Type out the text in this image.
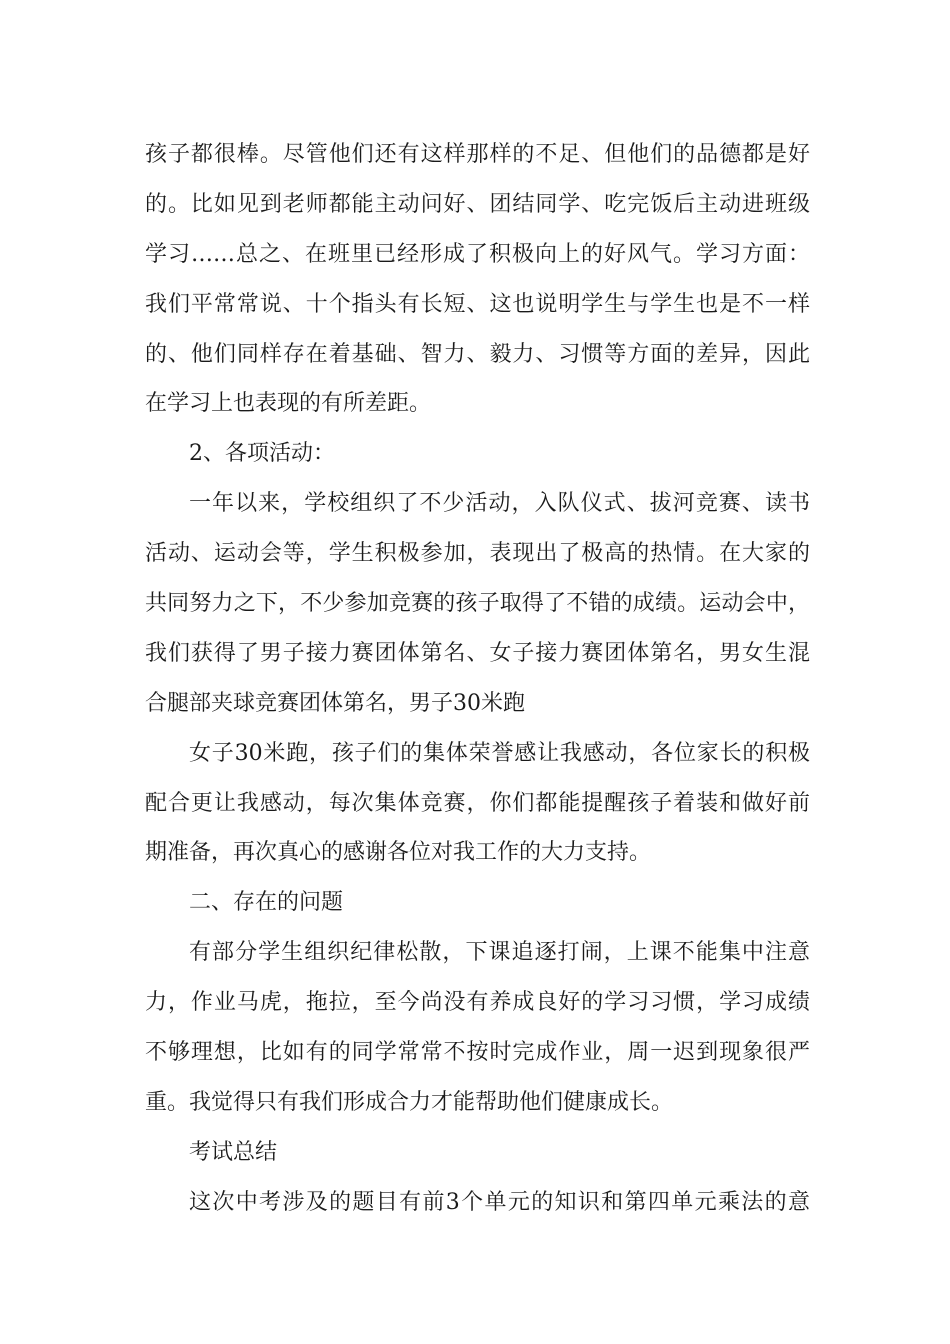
孩子都很棒。尽管他们还有这样那样的不足、但他们的品德都是好
的。比如见到老师都能主动问好、团结同学、吃完饭后主动进班级
学习……总之、在班里已经形成了积极向上的好风气。学习方面：
我们平常常说、十个指头有长短、这也说明学生与学生也是不一样
的、他们同样存在着基础、智力、毅力、习惯等方面的差异，因此
在学习上也表现的有所差距。
2、各项活动：
一年以来，学校组织了不少活动，入队仪式、拔河竞赛、读书
活动、运动会等，学生积极参加，表现出了极高的热情。在大家的
共同努力之下，不少参加竞赛的孩子取得了不错的成绩。运动会中，
我们获得了男子接力赛团体第名、女子接力赛团体第名，男女生混
合腿部夹球竞赛团体第名，男子30米跑
女子30米跑，孩子们的集体荣誉感让我感动，各位家长的积极
配合更让我感动，每次集体竞赛，你们都能提醒孩子着装和做好前
期准备，再次真心的感谢各位对我工作的大力支持。
二、存在的问题
有部分学生组织纪律松散，下课追逐打闹，上课不能集中注意
力，作业马虎，拖拉，至今尚没有养成良好的学习习惯，学习成绩
不够理想，比如有的同学常常不按时完成作业，周一迟到现象很严
重。我觉得只有我们形成合力才能帮助他们健康成长。
考试总结
这次中考涉及的题目有前3个单元的知识和第四单元乘法的意
